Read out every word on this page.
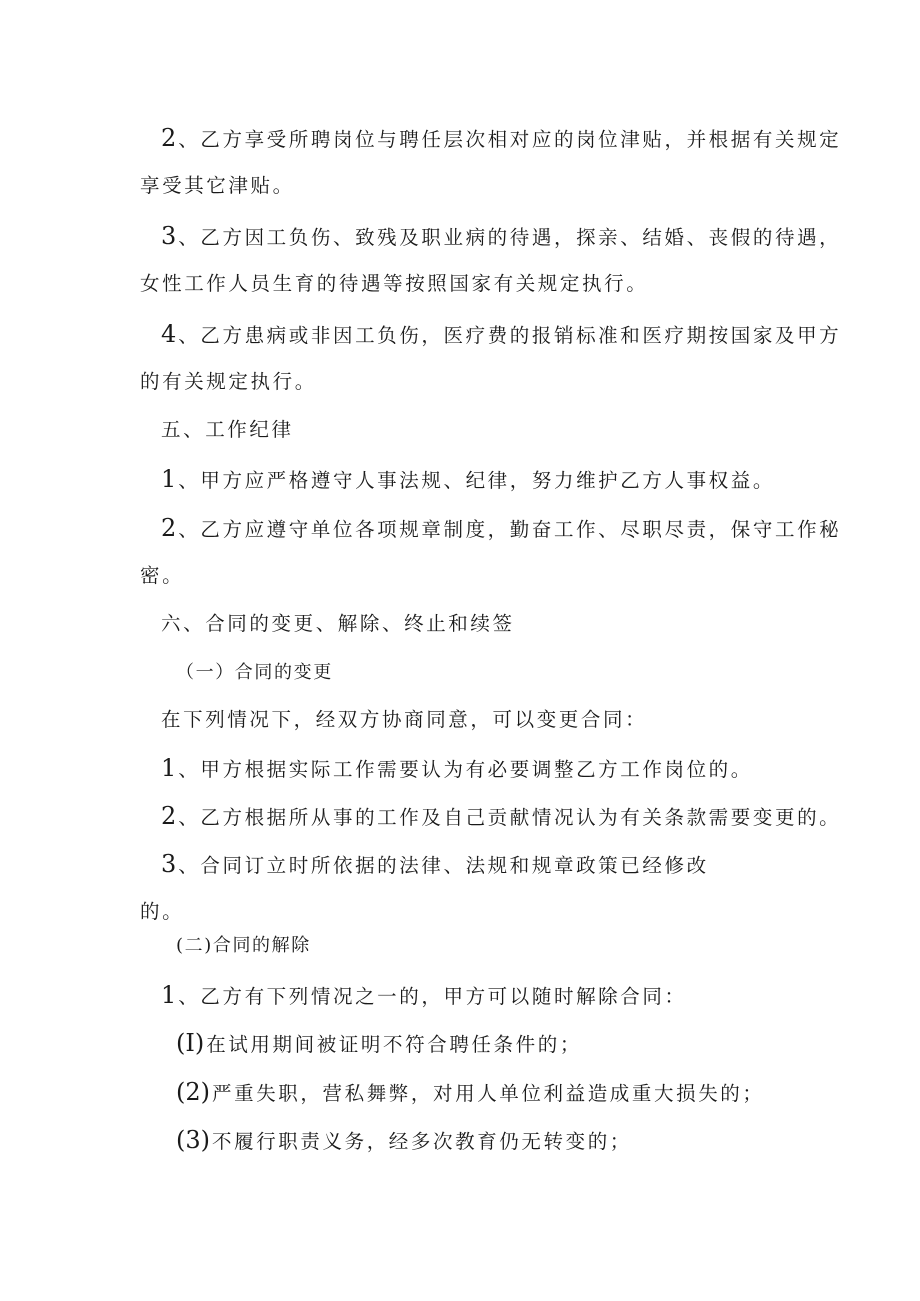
2 、乙方享受所聘岗位与聘任层次相对应的岗位津贴，并根据有关规定
享受其它津贴。
3 、乙方因工负伤、致残及职业病的待遇，探亲、结婚、丧假的待遇，
女性工作人员生育的待遇等按照国家有关规定执行。
4 、乙方患病或非因工负伤，医疗费的报销标准和医疗期按国家及甲方
的有关规定执行。
五、工作纪律
1 、甲方应严格遵守人事法规、纪律，努力维护乙方人事权益。
2 、乙方应遵守单位各项规章制度，勤奋工作、尽职尽责，保守工作秘
密。
六、合同的变更、解除、终止和续签
（一）合同的变更
在下列情况下，经双方协商同意，可以变更合同：
1 、甲方根据实际工作需要认为有必要调整乙方工作岗位的。
2 、乙方根据所从事的工作及自己贡献情况认为有关条款需要变更的。
3 、合同订立时所依据的法律、法规和规章政策已经修改
的。
(二)合同的解除
1 、乙方有下列情况之一的，甲方可以随时解除合同：
(I) 在试用期间被证明不符合聘任条件的；
(2) 严重失职，营私舞弊，对用人单位利益造成重大损失的；
(3) 不履行职责义务，经多次教育仍无转变的；
